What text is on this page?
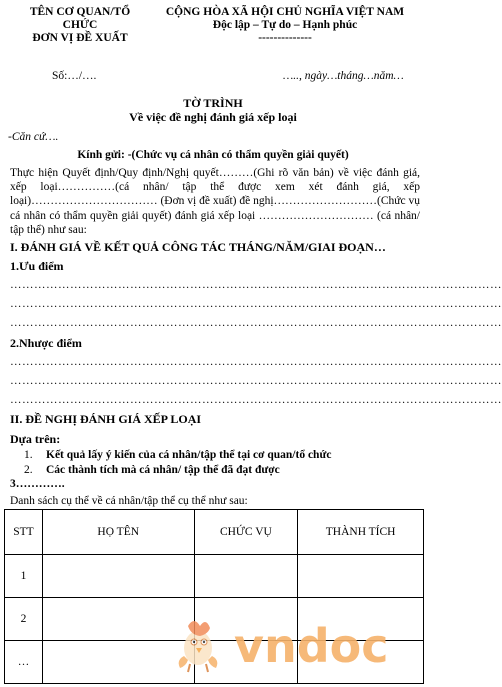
TÊN CƠ QUAN/TỔ
CHỨC
ĐƠN VỊ ĐỀ XUẤT
CỘNG HÒA XÃ HỘI CHỦ NGHĨA VIỆT NAM
Độc lập – Tự do – Hạnh phúc
--------------
Số:…/….	….., ngày…tháng…năm…
TỜ TRÌNH
Về việc đề nghị đánh giá xếp loại
-Căn cứ….
Kính gửi: -(Chức vụ cá nhân có thẩm quyền giải quyết)
Thực hiện Quyết định/Quy định/Nghị quyết………(Ghi rõ văn bản) về việc đánh giá, xếp loại……………(cá nhân/ tập thể được xem xét đánh giá, xếp loại)…………………………… (Đơn vị đề xuất) đề nghị………………………(Chức vụ cá nhân có thẩm quyền giải quyết) đánh giá xếp loại ………………………… (cá nhân/ tập thể) như sau:
I. ĐÁNH GIÁ VỀ KẾT QUẢ CÔNG TÁC THÁNG/NĂM/GIAI ĐOẠN…
1.Ưu điểm
……………………………………………………………………………………………………………
……………………………………………………………………………………………………………
……………………………………………………………………………………………………………
2.Nhược điểm
……………………………………………………………………………………………………………
……………………………………………………………………………………………………………
……………………………………………………………………………………………………………
II. ĐỀ NGHỊ ĐÁNH GIÁ XẾP LOẠI
Dựa trên:
1. Kết quả lấy ý kiến của cá nhân/tập thể tại cơ quan/tổ chức
2. Các thành tích mà cá nhân/ tập thể đã đạt được
3………….
Danh sách cụ thể về cá nhân/tập thể cụ thể như sau:
STT	HỌ TÊN	CHỨC VỤ	THÀNH TÍCH
1			
2			
…				vndoc
